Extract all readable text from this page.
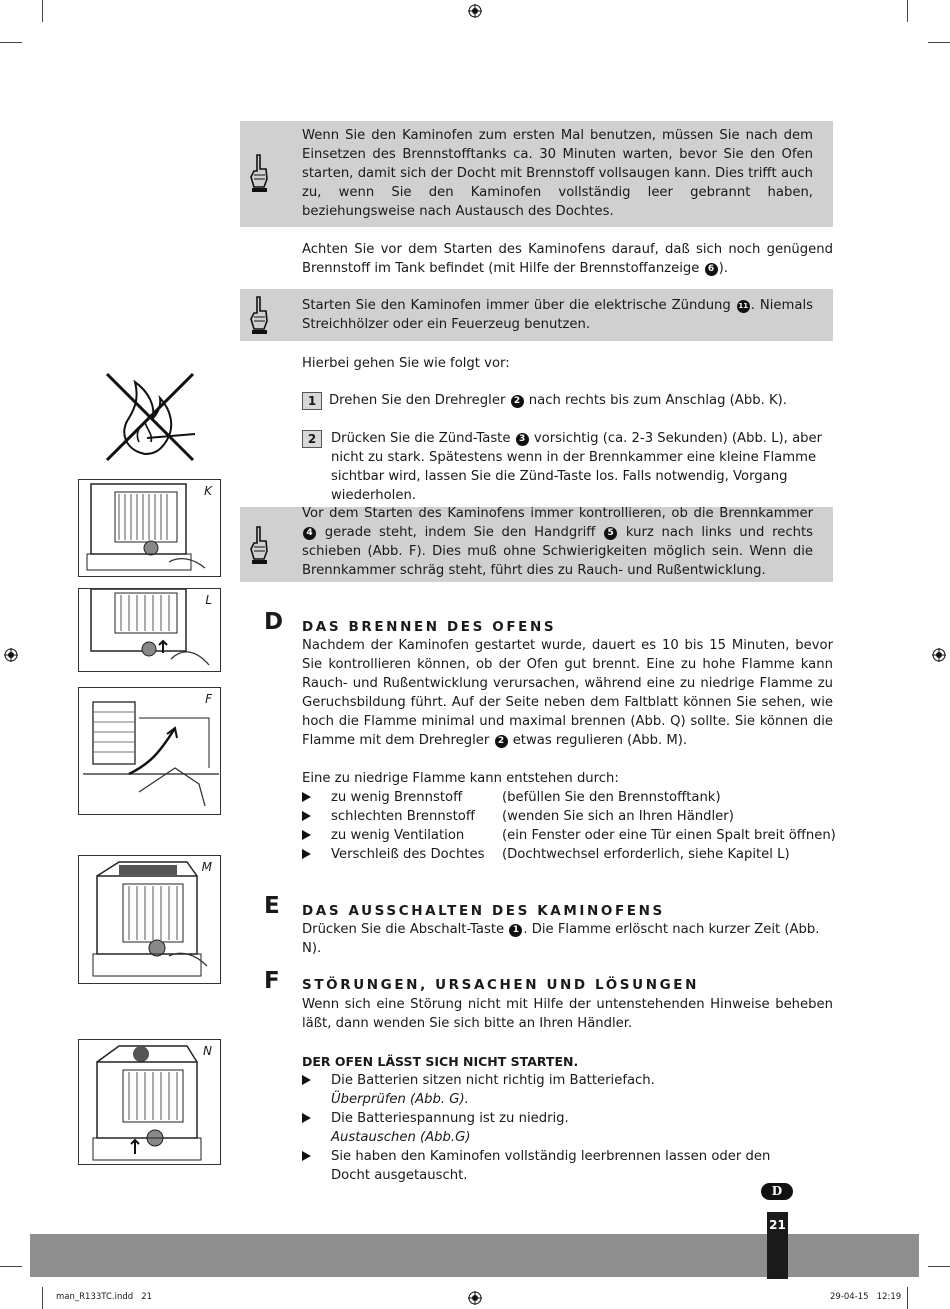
Wenn Sie den Kaminofen zum ersten Mal benutzen, müssen Sie nach dem Einsetzen des Brennstofftanks ca. 30 Minuten warten, bevor Sie den Ofen starten, damit sich der Docht mit Brennstoff vollsaugen kann. Dies trifft auch zu, wenn Sie den Kaminofen vollständig leer gebrannt haben, beziehungsweise nach Austausch des Dochtes.
Achten Sie vor dem Starten des Kaminofens darauf, daß sich noch genügend Brennstoff im Tank befindet (mit Hilfe der Brennstoffanzeige 6 ).
Starten Sie den Kaminofen immer über die elektrische Zündung 11 . Niemals Streichhölzer oder ein Feuerzeug benutzen.
Hierbei gehen Sie wie folgt vor:
1 Drehen Sie den Drehregler 2 nach rechts bis zum Anschlag (Abb. K).
2	Drücken Sie die Zünd-Taste 3 vorsichtig (ca. 2-3 Sekunden) (Abb. L), aber nicht zu stark. Spätestens wenn in der Brennkammer eine kleine Flamme sichtbar wird, lassen Sie die Zünd-Taste los. Falls notwendig, Vorgang wiederholen.
Vor dem Starten des Kaminofens immer kontrollieren, ob die Brennkammer 4 gerade steht, indem Sie den Handgriff 5 kurz nach links und rechts schieben (Abb. F). Dies muß ohne Schwierigkeiten möglich sein. Wenn die Brennkammer schräg steht, führt dies zu Rauch- und Rußentwicklung.
K
L
F
M
N
D DAS BRENNEN DES OFENS
Nachdem der Kaminofen gestartet wurde, dauert es 10 bis 15 Minuten, bevor Sie kontrollieren können, ob der Ofen gut brennt. Eine zu hohe Flamme kann Rauch- und Rußentwicklung verursachen, während eine zu niedrige Flamme zu Geruchsbildung führt. Auf der Seite neben dem Faltblatt können Sie sehen, wie hoch die Flamme minimal und maximal brennen (Abb. Q) sollte. Sie können die Flamme mit dem Drehregler 2 etwas regulieren (Abb. M).
Eine zu niedrige Flamme kann entstehen durch:
zu wenig Brennstoff	(befüllen Sie den Brennstofftank)
schlechten Brennstoff (wenden Sie sich an Ihren Händler)
zu wenig Ventilation	(ein Fenster oder eine Tür einen Spalt breit öffnen)
Verschleiß des Dochtes (Dochtwechsel erforderlich, siehe Kapitel L)
E DAS AUSSCHALTEN DES KAMINOFENS
Drücken Sie die Abschalt-Taste 1 . Die Flamme erlöscht nach kurzer Zeit (Abb. N).
F STÖRUNGEN, URSACHEN UND LÖSUNGEN
Wenn sich eine Störung nicht mit Hilfe der untenstehenden Hinweise beheben läßt, dann wenden Sie sich bitte an Ihren Händler.
DER OFEN LÄSST SICH NICHT STARTEN.
Die Batterien sitzen nicht richtig im Batteriefach.
Überprüfen (Abb. G).
Die Batteriespannung ist zu niedrig.
Austauschen (Abb.G)
Sie haben den Kaminofen vollständig leerbrennen lassen oder den Docht ausgetauscht.
D
21
man_R133TC.indd   21	29-04-15   12:19
